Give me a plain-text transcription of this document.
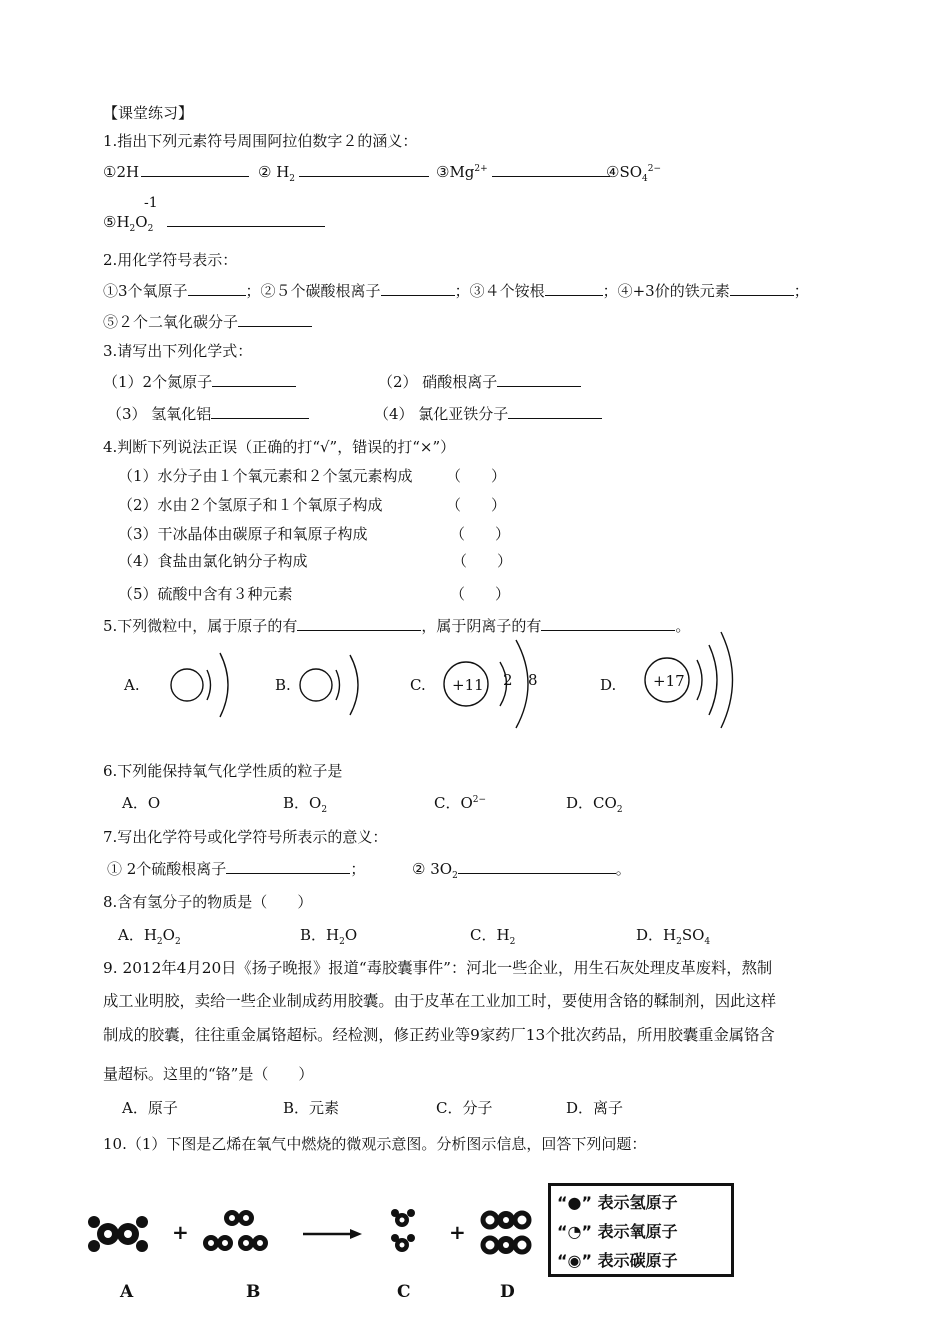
【课堂练习】
1.指出下列元素符号周围阿拉伯数字２的涵义：
①2H	② $H_2$	$③Mg^{2+}$	$④SO_4^{2-}$
-1
$⑤H_2O_2$
2.用化学符号表示：
①3个氧原子	；②５个碳酸根离子	；③４个铵根	；④+3价的铁元素	；
⑤２个二氧化碳分子
3.请写出下列化学式：
（1）2个氮原子	（2） 硝酸根离子
（3） 氢氧化铝	（4） 氯化亚铁分子
4.判断下列说法正误（正确的打“√”，错误的打“×”）
（1）水分子由１个氧元素和２个氢元素构成 （　　）
（2）水由２个氢原子和１个氧原子构成	（　　）
（3）干冰晶体由碳原子和氧原子构成	（　　）
（4）食盐由氯化钠分子构成	（　　）
（5）硫酸中含有３种元素	（　　）
5.下列微粒中，属于原子的有	，属于阴离子的有	。
A.	B.	C.	D.
+11 2 8	+17
6.下列能保持氧气化学性质的粒子是
A．O	B．$O_2$	C．$O^{2-}$	D．$CO_2$
7.写出化学符号或化学符号所表示的意义：
① 2个硫酸根离子	；	② $3O_2$	。
8.含有氢分子的物质是（　　）
A．$H_2O_2$	B．$H_2O$	C．$H_2$	D．$H_2SO_4$
9. 2012年4月20日《扬子晚报》报道“毒胶囊事件”：河北一些企业，用生石灰处理皮革废料，熬制
成工业明胶，卖给一些企业制成药用胶囊。由于皮革在工业加工时，要使用含铬的鞣制剂，因此这样
制成的胶囊，往往重金属铬超标。经检测，修正药业等9家药厂13个批次药品，所用胶囊重金属铬含
量超标。这里的“铬”是（　　）
A．原子	B．元素	C．分子	D．离子
10.（1）下图是乙烯在氧气中燃烧的微观示意图。分析图示信息，回答下列问题：
+	+
A	B	C	D
“●” 表示氢原子
“◔” 表示氧原子
“◉” 表示碳原子
